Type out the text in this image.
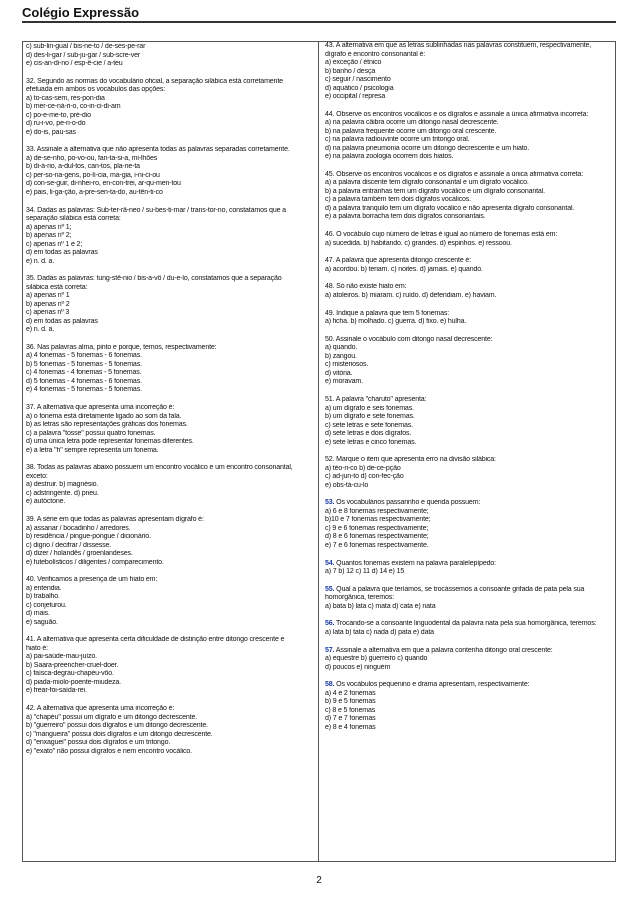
Colégio Expressão
c) sub-lin-gual / bis-ne-to / de-ses-pe-rar
d) des-li-gar / sub-ju-gar / sub-scre-ver
e) cis-an-di-no / esp-ê-cie / a-teu
32. Segundo as normas do vocabulário oficial, a separação silábica está corretamente
efetuada em ambos os vocábulos das opções:
a) to-cas-sem, res-pon-dia
b) mer-ce-ná-ri-o, co-in-ci-di-am
c) po-e-me-to, pré-dio
d) ru-i-vo, pe-ri-o-do
e) do-is, pau-sas
33. Assinale a alternativa que não apresenta todas as palavras separadas corretamente.
a) de-se-nho, po-vo-ou, fan-ta-si-a, mi-lhões
b) di-á-rio, a-dul-tos, can-tos, pla-ne-ta
c) per-so-na-gens, po-lí-cia, ma-gia, i-ni-ci-ou
d) con-se-guir, di-nhei-ro, en-con-trei, ar-qu-men-tou
e) pais, li-ga-ção, a-pre-sen-ta-do, au-tên-ti-co
34. Dadas as palavras: Sub-ter-râ-neo / su-bes-ti-mar / trans-tor-no, constatamos que a
separação silábica está correta:
a) apenas nº 1;
b) apenas nº 2;
c) apenas nº 1 e 2;
d) em todas as palavras
e) n. d. a.
35. Dadas as palavras: tung-stê-nio / bis-a-vô / du-e-lo, constatamos que a separação
silábica está correta:
a) apenas nº 1
b) apenas nº 2
c) apenas nº 3
d) em todas as palavras
e) n. d. a.
36. Nas palavras alma, pinto e porque, temos, respectivamente:
a) 4 fonemas - 5 fonemas - 6 fonemas.
b) 5 fonemas - 5 fonemas - 5 fonemas.
c) 4 fonemas - 4 fonemas - 5 fonemas.
d) 5 fonemas - 4 fonemas - 6 fonemas.
e) 4 fonemas - 5 fonemas - 5 fonemas.
37. A alternativa que apresenta uma incorreção é:
a) o fonema está diretamente ligado ao som da fala.
b) as letras são representações gráficas dos fonemas.
c) a palavra "tosse" possui quatro fonemas.
d) uma única letra pode representar fonemas diferentes.
e) a letra "h" sempre representa um fonema.
38. Todas as palavras abaixo possuem um encontro vocálico e um encontro consonantal,
exceto:
a) destruir. b) magnésio.
c) adstringente. d) pneu.
e) autóctone.
39. A série em que todas as palavras apresentam dígrafo é:
a) assanar / bocadinho / arredores.
b) residência / pingue-pongue / dicionário.
c) digno / decifrar / dissesse.
d) dizer / holandês / groenlandeses.
e) futebolísticos / diligentes / comparecimento.
40. Verificamos a presença de um hiato em:
a) entendia.
b) trabalho.
c) conjeturou.
d) mais.
e) saguão.
41. A alternativa que apresenta certa dificuldade de distinção entre ditongo crescente e
hiato é:
a) pai-saúde-mau-juízo.
b) Saara-preencher-cruel-doer.
c) faísca-degrau-chapéu-vôo.
d) piada-miolo-poente-miudeza.
e) frear-foi-saída-rei.
42. A alternativa que apresenta uma incorreção é:
a) "chapéu" possui um dígrafo e um ditongo decrescente.
b) "guerreiro" possui dois dígrafos e um ditongo decrescente.
c) "mangueira" possui dois dígrafos e um ditongo decrescente.
d) "enxaguei" possui dois dígrafos e um tritongo.
e) "exato" não possui dígrafos e nem encontro vocálico.
43. A alternativa em que as letras sublinhadas nas palavras constituem, respectivamente,
dígrafo e encontro consonantal é:
a) exceção / étnico
b) banho / desça
c) seguir / nascimento
d) aquático / psicologia
e) occipital / represa
44. Observe os encontros vocálicos e os dígrafos e assinale a única afirmativa incorreta:
a) na palavra câibra ocorre um ditongo nasal decrescente.
b) na palavra frequente ocorre um ditongo oral crescente.
c) na palavra radiouvinte ocorre um tritongo oral.
d) na palavra pneumonia ocorre um ditongo decrescente e um hiato.
e) na palavra zoologia ocorrem dois hiatos.
45. Observe os encontros vocálicos e os dígrafos e assinale a única afirmativa correta:
a) a palavra discente tem dígrafo consonantal e um dígrafo vocálico.
b) a palavra entranhas tem um dígrafo vocálico e um dígrafo consonantal.
c) a palavra também tem dois dígrafos vocálicos.
d) a palavra tranquilo tem um dígrafo vocálico e não apresenta dígrafo consonantal.
e) a palavra borracha tem dois dígrafos consonantais.
46. O vocábulo cujo número de letras é igual ao número de fonemas está em:
a) sucedida. b) habitando. c) grandes. d) espinhos. e) ressoou.
47. A palavra que apresenta ditongo crescente é:
a) acordou. b) teriam. c) noites. d) jamais. e) quando.
48. Só não existe hiato em:
a) atoleiros. b) miaram. c) ruído. d) defendiam. e) haviam.
49. Indique a palavra que tem 5 fonemas:
a) ficha. b) molhado. c) guerra. d) fixo. e) hulha.
50. Assinale o vocábulo com ditongo nasal decrescente:
a) quando.
b) zangou.
c) misteriosos.
d) vitória.
e) moravam.
51. A palavra "charuto" apresenta:
a) um dígrafo e seis fonemas.
b) um dígrafo e sete fonemas.
c) sete letras e sete fonemas.
d) sete letras e dois dígrafos.
e) sete letras e cinco fonemas.
52. Marque o item que apresenta erro na divisão silábica:
a) téo-ri-co b) de-ce-pção
c) ad-jun-to d) con-fec-ção
e) obs-tá-cu-lo
53. Os vocabulários passarinho e querida possuem:
a) 6 e 8 fonemas respectivamente;
b)10 e 7 fonemas respectivamente;
c) 9 e 6 fonemas respectivamente;
d) 8 e 6 fonemas respectivamente;
e) 7 e 6 fonemas respectivamente.
54. Quantos fonemas existem na palavra paralelepípedo:
a) 7 b) 12 c) 11 d) 14 e) 15
55. Qual a palavra que teríamos, se trocássemos a consoante grifada de pata pela sua
homorgânica, teremos:
a) bata b) lata c) mata d) cata e) nata
56. Trocando-se a consoante linguodental da palavra nata pela sua homorgânica, teremos:
a) lata b) tata c) nada d) pata e) data
57. Assinale a alternativa em que a palavra contenha ditongo oral crescente:
a) equestre b) guerreiro c) quando
d) poucos e) ninguém
58. Os vocábulos pequenino e drama apresentam, respectivamente:
a) 4 e 2 fonemas
b) 9 e 5 fonemas
c) 8 e 5 fonemas
d) 7 e 7 fonemas
e) 8 e 4 fonemas
2
